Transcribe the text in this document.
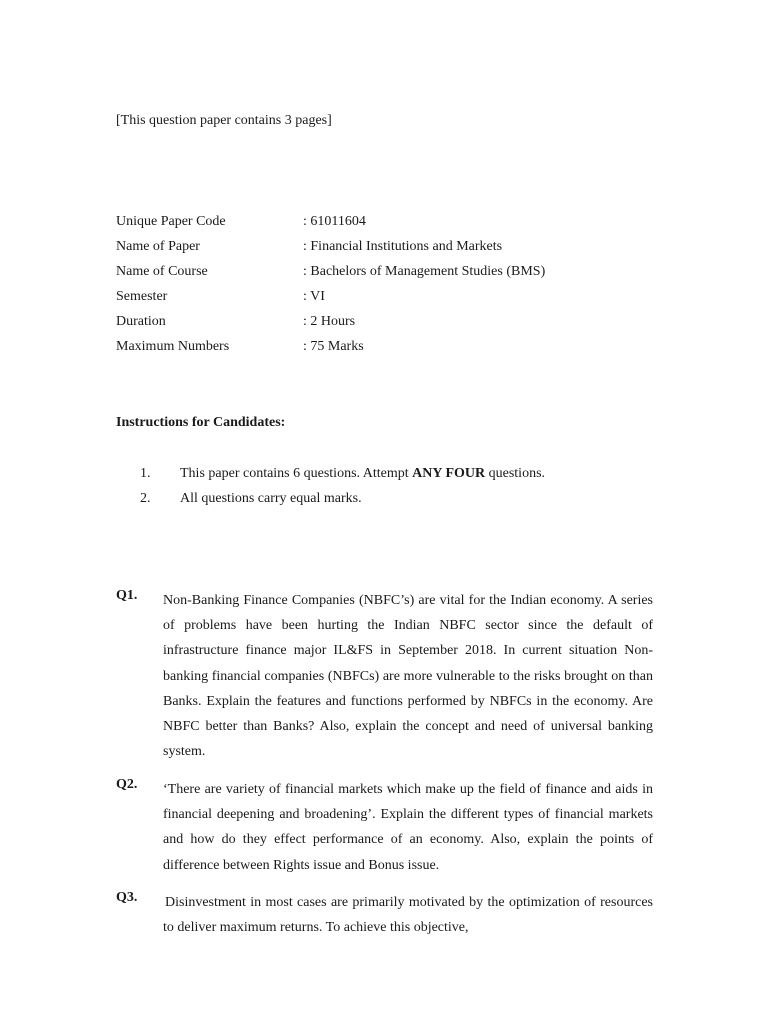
[This question paper contains 3 pages]
Unique Paper Code	: 61011604
Name of Paper	: Financial Institutions and Markets
Name of Course	: Bachelors of Management Studies (BMS)
Semester	: VI
Duration	: 2 Hours
Maximum Numbers	: 75 Marks
Instructions for Candidates:
1. This paper contains 6 questions. Attempt ANY FOUR questions.
2. All questions carry equal marks.
Q1. Non-Banking Finance Companies (NBFC’s) are vital for the Indian economy. A series of problems have been hurting the Indian NBFC sector since the default of infrastructure finance major IL&FS in September 2018. In current situation Non-banking financial companies (NBFCs) are more vulnerable to the risks brought on than Banks. Explain the features and functions performed by NBFCs in the economy. Are NBFC better than Banks? Also, explain the concept and need of universal banking system.
Q2. ‘There are variety of financial markets which make up the field of finance and aids in financial deepening and broadening’. Explain the different types of financial markets and how do they effect performance of an economy. Also, explain the points of difference between Rights issue and Bonus issue.
Q3. Disinvestment in most cases are primarily motivated by the optimization of resources to deliver maximum returns. To achieve this objective,
